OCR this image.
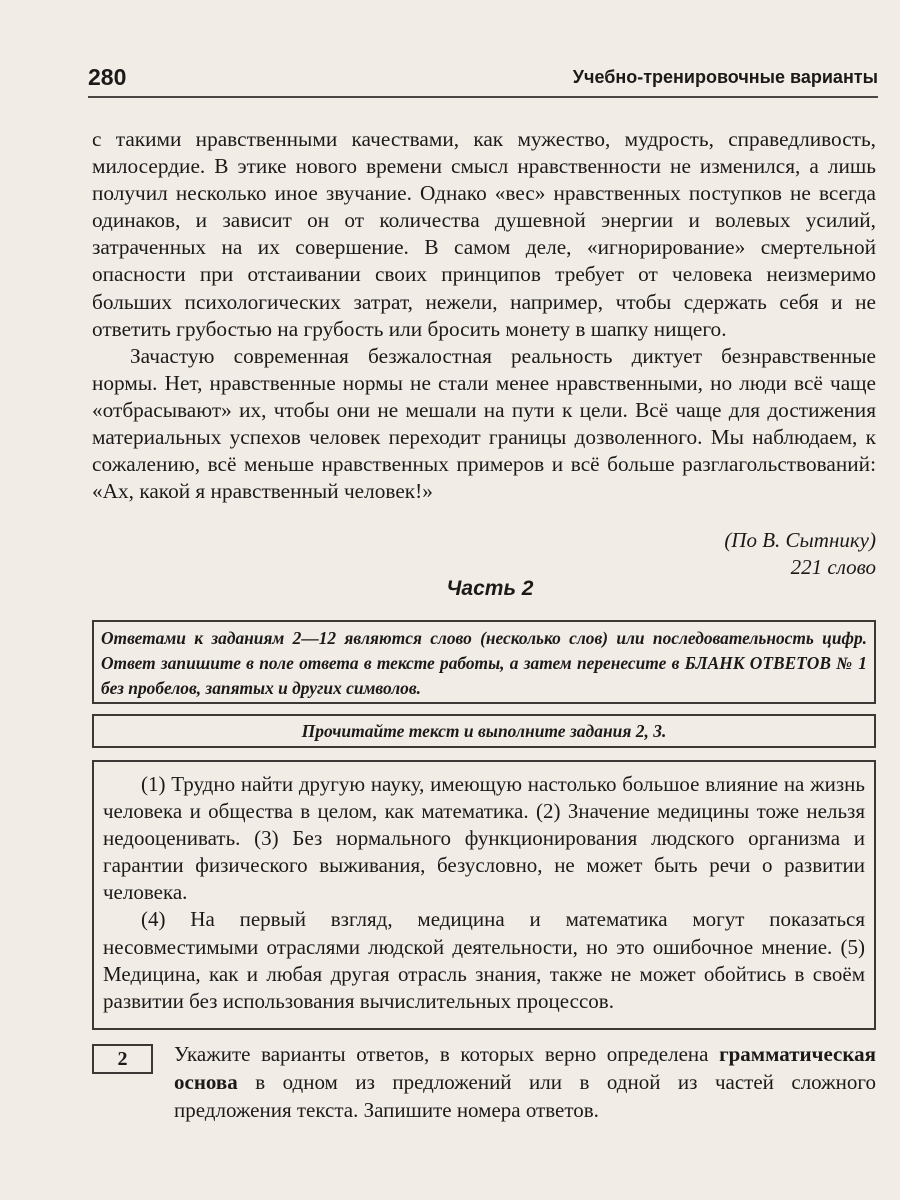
280	Учебно-тренировочные варианты

с такими нравственными качествами, как мужество, мудрость, справедливость, милосердие. В этике нового времени смысл нравственности не изменился, а лишь получил несколько иное звучание. Однако «вес» нравственных поступков не всегда одинаков, и зависит он от количества душевной энергии и волевых усилий, затраченных на их совершение. В самом деле, «игнорирование» смертельной опасности при отстаивании своих принципов требует от человека неизмеримо больших психологических затрат, нежели, например, чтобы сдержать себя и не ответить грубостью на грубость или бросить монету в шапку нищего.

Зачастую современная безжалостная реальность диктует безнравственные нормы. Нет, нравственные нормы не стали менее нравственными, но люди всё чаще «отбрасывают» их, чтобы они не мешали на пути к цели. Всё чаще для достижения материальных успехов человек переходит границы дозволенного. Мы наблюдаем, к сожалению, всё меньше нравственных примеров и всё больше разглагольствований: «Ах, какой я нравственный человек!»

(По В. Сытнику)
221 слово
Часть 2
Ответами к заданиям 2—12 являются слово (несколько слов) или последовательность цифр. Ответ запишите в поле ответа в тексте работы, а затем перенесите в БЛАНК ОТВЕТОВ № 1 без пробелов, запятых и других символов.
Прочитайте текст и выполните задания 2, 3.

(1) Трудно найти другую науку, имеющую настолько большое влияние на жизнь человека и общества в целом, как математика. (2) Значение медицины тоже нельзя недооценивать. (3) Без нормального функционирования людского организма и гарантии физического выживания, безусловно, не может быть речи о развитии человека.

(4) На первый взгляд, медицина и математика могут показаться несовместимыми отраслями людской деятельности, но это ошибочное мнение. (5) Медицина, как и любая другая отрасль знания, также не может обойтись в своём развитии без использования вычислительных процессов.

2	Укажите варианты ответов, в которых верно определена грамматическая основа в одном из предложений или в одной из частей сложного предложения текста. Запишите номера ответов.
